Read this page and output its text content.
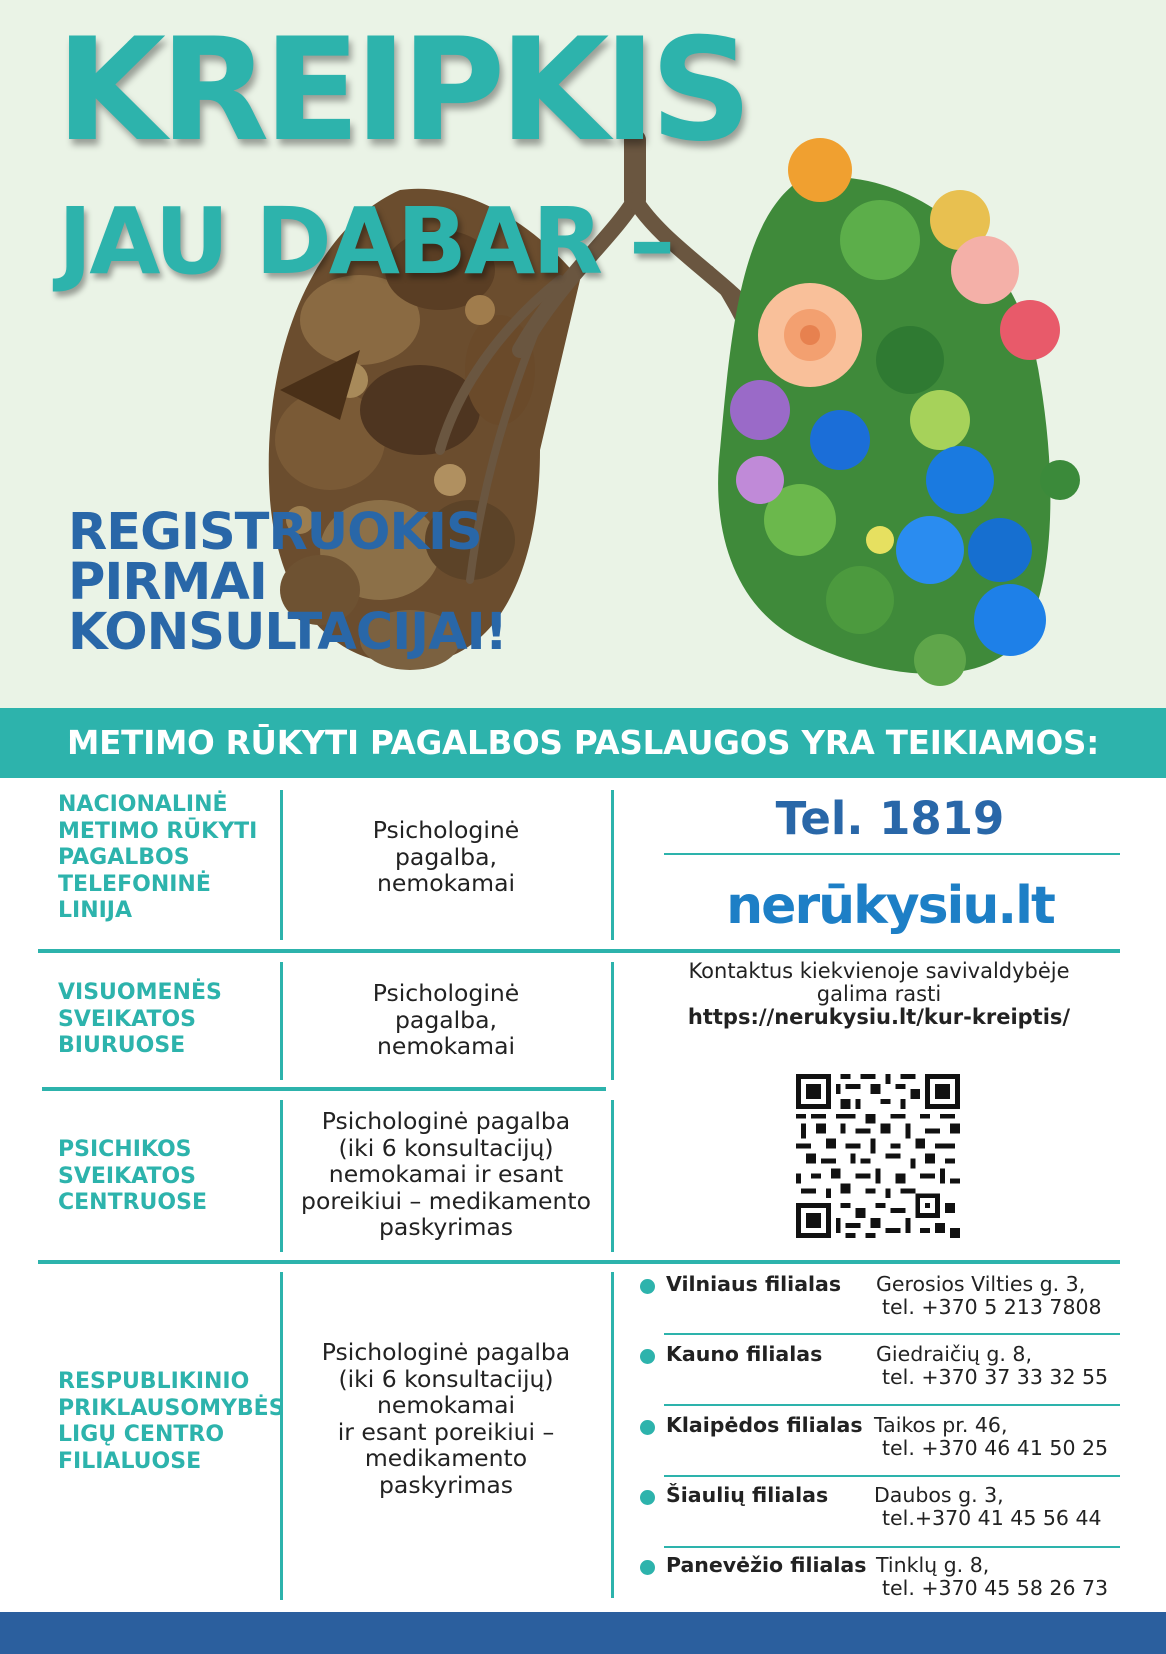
KREIPKIS
JAU DABAR –
REGISTRUOKIS
PIRMAI
KONSULTACIJAI!
METIMO RŪKYTI PAGALBOS PASLAUGOS YRA TEIKIAMOS:
NACIONALINĖ
METIMO RŪKYTI
PAGALBOS
TELEFONINĖ
LINIJA
Psichologinė
pagalba,
nemokamai
Tel. 1819
nerūkysiu.lt
VISUOMENĖS
SVEIKATOS
BIURUOSE
Psichologinė
pagalba,
nemokamai
Kontaktus kiekvienoje savivaldybėje
galima rasti
https://nerukysiu.lt/kur-kreiptis/
PSICHIKOS
SVEIKATOS
CENTRUOSE
Psichologinė pagalba
(iki 6 konsultacijų)
nemokamai ir esant
poreikiui – medikamento
paskyrimas
RESPUBLIKINIO
PRIKLAUSOMYBĖS
LIGŲ CENTRO
FILIALUOSE
Psichologinė pagalba
(iki 6 konsultacijų)
nemokamai
ir esant poreikiui –
medikamento
paskyrimas
Vilniaus filialas Gerosios Vilties g. 3,
tel. +370 5 213 7808
Kauno filialas	Giedraičių g. 8,
tel. +370 37 33 32 55
Klaipėdos filialas Taikos pr. 46,
tel. +370 46 41 50 25
Šiaulių filialas Daubos g. 3,
tel.+370 41 45 56 44
Panevėžio filialas Tinklų g. 8,
tel. +370 45 58 26 73
